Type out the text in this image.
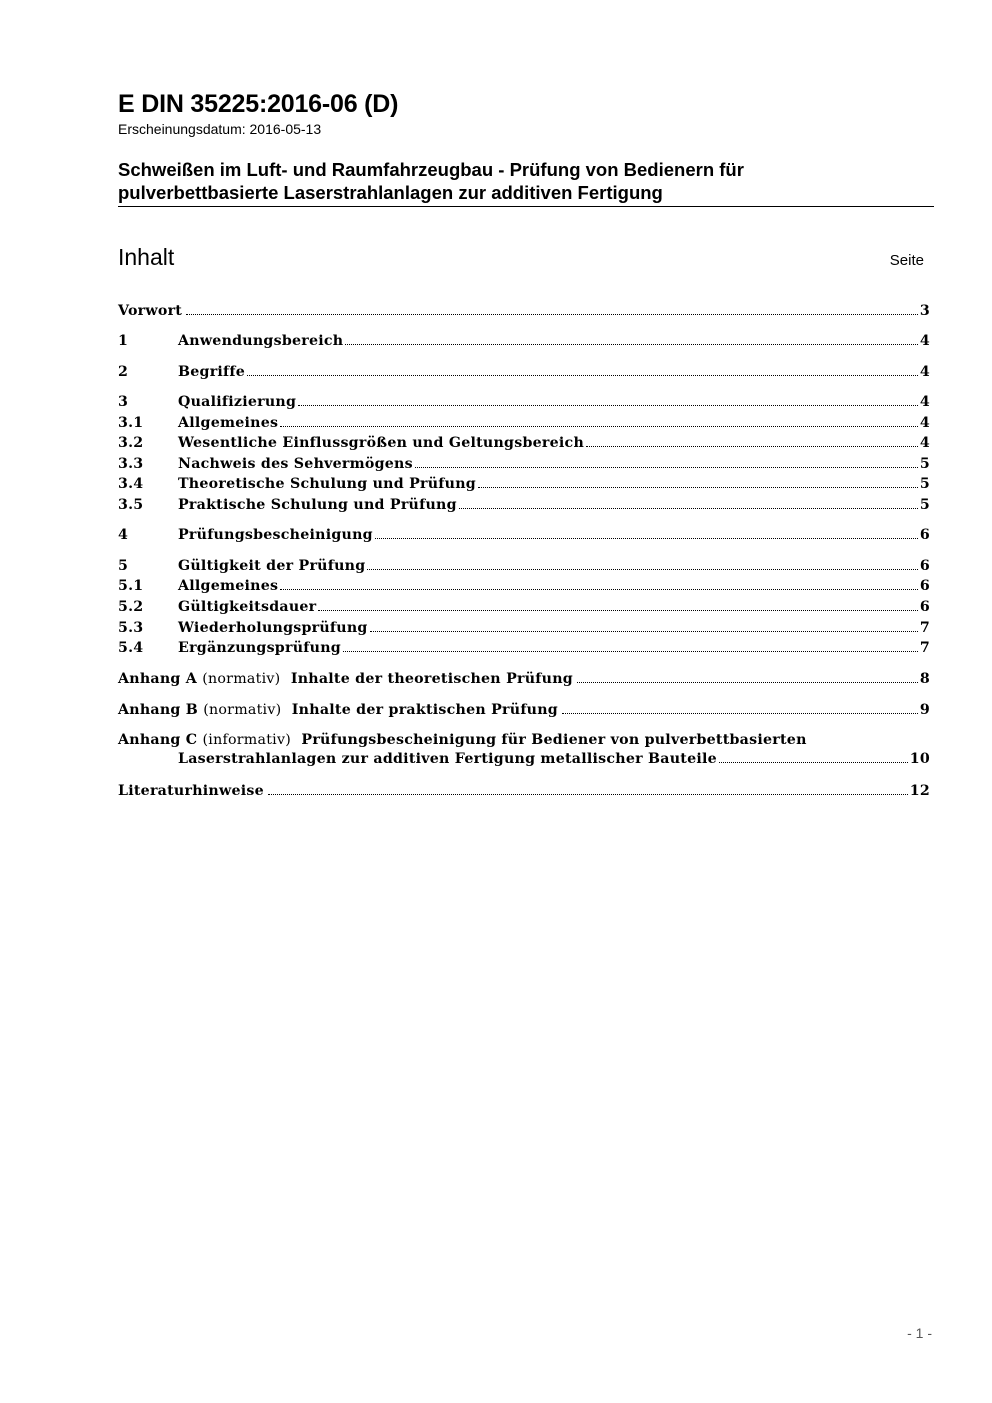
E DIN 35225:2016-06 (D)
Erscheinungsdatum: 2016-05-13
Schweißen im Luft- und Raumfahrzeugbau - Prüfung von Bedienern für
pulverbettbasierte Laserstrahlanlagen zur additiven Fertigung
Inhalt	Seite
Vorwort	3
1	Anwendungsbereich	4
2	Begriffe	4
3	Qualifizierung	4
3.1	Allgemeines	4
3.2	Wesentliche Einflussgrößen und Geltungsbereich	4
3.3	Nachweis des Sehvermögens	5
3.4	Theoretische Schulung und Prüfung	5
3.5	Praktische Schulung und Prüfung	5
4	Prüfungsbescheinigung	6
5	Gültigkeit der Prüfung	6
5.1	Allgemeines	6
5.2	Gültigkeitsdauer	6
5.3	Wiederholungsprüfung	7
5.4	Ergänzungsprüfung	7
Anhang A (normativ) Inhalte der theoretischen Prüfung	8
Anhang B (normativ) Inhalte der praktischen Prüfung	9
Anhang C (informativ) Prüfungsbescheinigung für Bediener von pulverbettbasierten
Laserstrahlanlagen zur additiven Fertigung metallischer Bauteile	10
Literaturhinweise	12
- 1 -
